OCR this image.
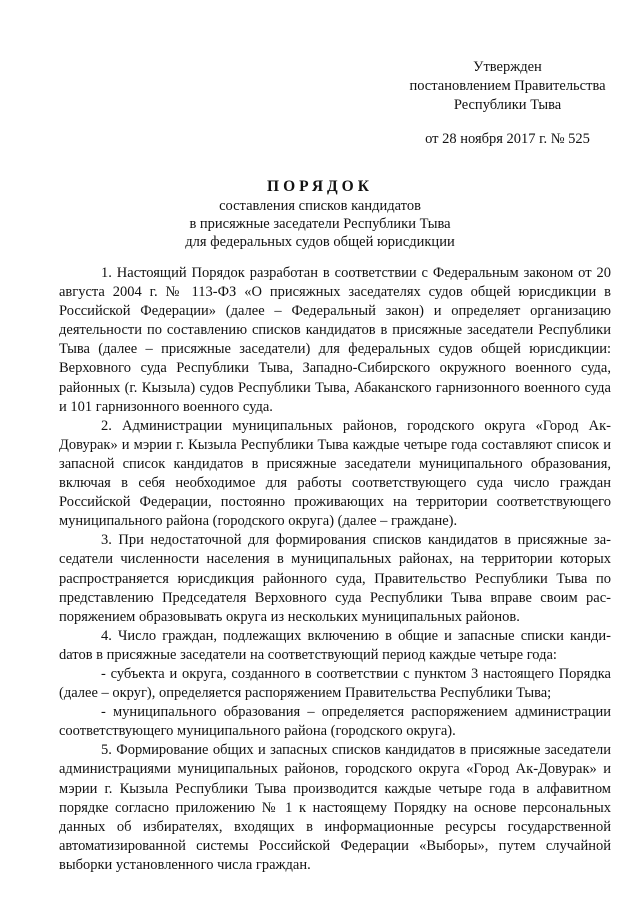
Утвержден
постановлением Правительства
Республики Тыва
от 28 ноября 2017 г. № 525
ПОРЯДОК
составления списков кандидатов
в присяжные заседатели Республики Тыва
для федеральных судов общей юрисдикции

1. Настоящий Порядок разработан в соответствии с Федеральным законом от 20 августа 2004 г. № 113-ФЗ «О присяжных заседателях судов общей юрисдикции в Российской Федерации» (далее – Федеральный закон) и определяет организацию деятельности по составлению списков кандидатов в присяжные заседатели Республики Тыва (далее – присяжные заседатели) для федеральных судов общей юрисдикции: Верховного суда Республики Тыва, Западно-Сибирского окружного военного суда, районных (г. Кызыла) судов Республики Тыва, Абаканского гарнизонного военного суда и 101 гарнизонного военного суда.

2. Администрации муниципальных районов, городского округа «Город Ак-Довурак» и мэрии г. Кызыла Республики Тыва каждые четыре года составляют список и запасной список кандидатов в присяжные заседатели муниципального образования, включая в себя необходимое для работы соответствующего суда число граждан Российской Федерации, постоянно проживающих на территории соответствующего муниципального района (городского округа) (далее – граждане).

3. При недостаточной для формирования списков кандидатов в присяжные заседатели численности населения в муниципальных районах, на территории которых распространяется юрисдикция районного суда, Правительство Республики Тыва по представлению Председателя Верховного суда Республики Тыва вправе своим распоряжением образовывать округа из нескольких муниципальных районов.

4. Число граждан, подлежащих включению в общие и запасные списки кандиdатов в присяжные заседатели на соответствующий период каждые четыре года:

- субъекта и округа, созданного в соответствии с пунктом 3 настоящего Порядка (далее – округ), определяется распоряжением Правительства Республики Тыва;

- муниципального образования – определяется распоряжением администрации соответствующего муниципального района (городского округа).

5. Формирование общих и запасных списков кандидатов в присяжные заседатели администрациями муниципальных районов, городского округа «Город Ак-Довурак» и мэрии г. Кызыла Республики Тыва производится каждые четыре года в алфавитном порядке согласно приложению № 1 к настоящему Порядку на основе персональных данных об избирателях, входящих в информационные ресурсы государственной автоматизированной системы Российской Федерации «Выборы», путем случайной выборки установленного числа граждан.
